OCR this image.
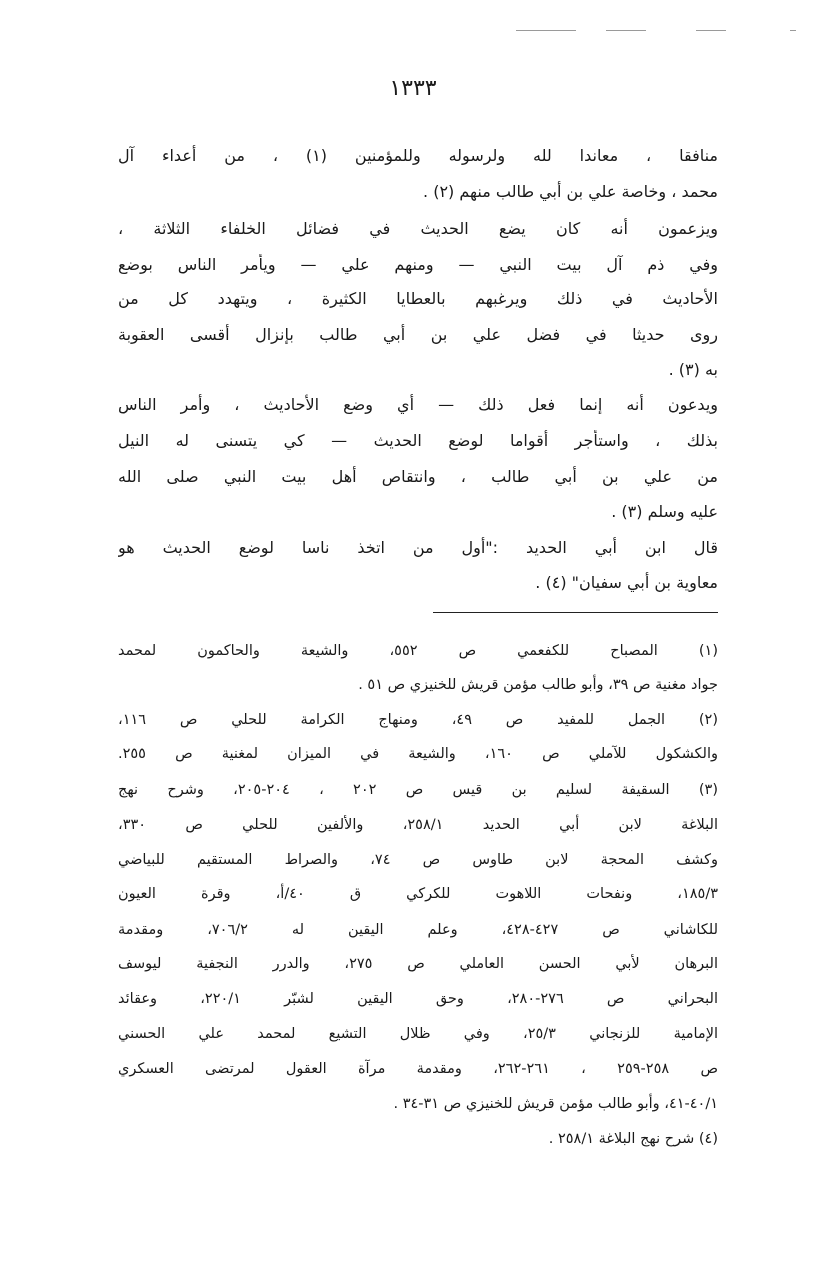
١٣٣٣
منافقا ، معاندا لله ولرسوله وللمؤمنين (١) ، من أعداء آل
محمد ، وخاصة علي بن أبي طالب منهم (٢) .
ويزعمون أنه كان يضع الحديث في فضائل الخلفاء الثلاثة ،
وفي ذم آل بيت النبي — ومنهم علي — ويأمر الناس بوضع
الأحاديث في ذلك ويرغبهم بالعطايا الكثيرة ، ويتهدد كل من
روى حديثا في فضل علي بن أبي طالب بإنزال أقسى العقوبة
به (٣) .
ويدعون أنه إنما فعل ذلك — أي وضع الأحاديث ، وأمر الناس
بذلك ، واستأجر أقواما لوضع الحديث — كي يتسنى له النيل
من علي بن أبي طالب ، وانتقاص أهل بيت النبي صلى الله
عليه وسلم (٣) .
قال ابن أبي الحديد :"أول من اتخذ ناسا لوضع الحديث هو
معاوية بن أبي سفيان" (٤) .
(١) المصباح للكفعمي ص ٥٥٢، والشيعة والحاكمون لمحمد
جواد مغنية ص ٣٩، وأبو طالب مؤمن قريش للخنيزي ص ٥١ .
(٢) الجمل للمفيد ص ٤٩، ومنهاج الكرامة للحلي ص ١١٦،
والكشكول للآملي ص ١٦٠، والشيعة في الميزان لمغنية ص ٢٥٥.
(٣) السقيفة لسليم بن قيس ص ٢٠٢ ، ٢٠٤-٢٠٥، وشرح نهج
البلاغة لابن أبي الحديد ٢٥٨/١، والألفين للحلي ص ٣٣٠،
وكشف المحجة لابن طاوس ص ٧٤، والصراط المستقيم للبياضي
١٨٥/٣، ونفحات اللاهوت للكركي ق ٤٠/أ، وقرة العيون
للكاشاني ص ٤٢٧-٤٢٨، وعلم اليقين له ٧٠٦/٢، ومقدمة
البرهان لأبي الحسن العاملي ص ٢٧٥، والدرر النجفية ليوسف
البحراني ص ٢٧٦-٢٨٠، وحق اليقين لشبّر ٢٢٠/١، وعقائد
الإمامية للزنجاني ٢٥/٣، وفي ظلال التشيع لمحمد علي الحسني
ص ٢٥٨-٢٥٩ ، ٢٦١-٢٦٢، ومقدمة مرآة العقول لمرتضى العسكري
٤٠/١-٤١، وأبو طالب مؤمن قريش للخنيزي ص ٣١-٣٤ .
(٤) شرح نهج البلاغة ٢٥٨/١ .
